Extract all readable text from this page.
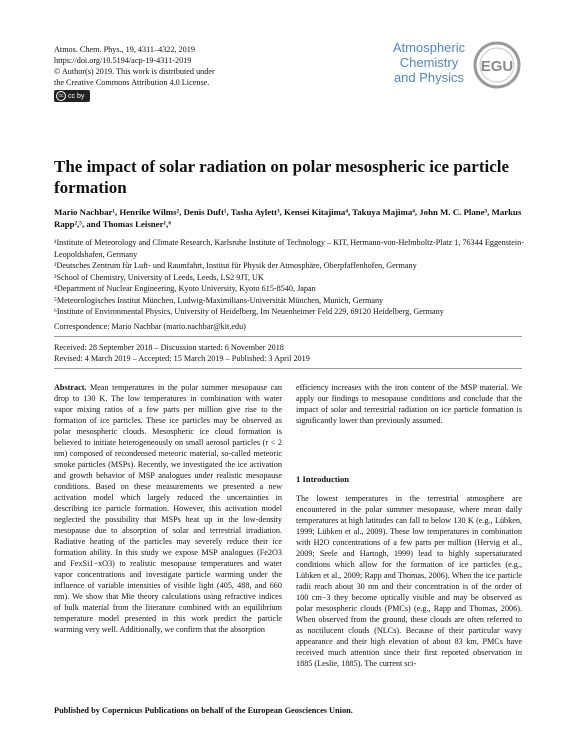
Atmos. Chem. Phys., 19, 4311–4322, 2019
https://doi.org/10.5194/acp-19-4311-2019
© Author(s) 2019. This work is distributed under
the Creative Commons Attribution 4.0 License.
cc cc by
Atmospheric
Chemistry
and Physics
EGU
The impact of solar radiation on polar mesospheric ice particle formation
Mario Nachbar¹, Henrike Wilms², Denis Duft¹, Tasha Aylett³, Kensei Kitajima⁴, Takuya Majima⁴, John M. C. Plane³, Markus Rapp²,⁵, and Thomas Leisner¹,⁶
¹Institute of Meteorology and Climate Research, Karlsruhe Institute of Technology – KIT, Hermann-von-Helmholtz-Platz 1, 76344 Eggenstein-Leopoldshafen, Germany
²Deutsches Zentrum für Luft- und Raumfahrt, Institut für Physik der Atmosphäre, Oberpfaffenhofen, Germany
³School of Chemistry, University of Leeds, Leeds, LS2 9JT, UK
⁴Department of Nuclear Engineering, Kyoto University, Kyoto 615-8540, Japan
⁵Meteorologisches Institut München, Ludwig-Maximilians-Universität München, Munich, Germany
⁶Institute of Environmental Physics, University of Heidelberg, Im Neuenheimer Feld 229, 69120 Heidelberg, Germany
Correspondence: Mario Nachbar (mario.nachbar@kit.edu)
Received: 28 September 2018 – Discussion started: 6 November 2018
Revised: 4 March 2019 – Accepted: 15 March 2019 – Published: 3 April 2019

Abstract. Mean temperatures in the polar summer mesopause can drop to 130 K. The low temperatures in combination with water vapor mixing ratios of a few parts per million give rise to the formation of ice particles. These ice particles may be observed as polar mesospheric clouds. Mesospheric ice cloud formation is believed to initiate heterogeneously on small aerosol particles (r < 2 nm) composed of recondensed meteoric material, so-called meteoric smoke particles (MSPs). Recently, we investigated the ice activation and growth behavior of MSP analogues under realistic mesopause conditions. Based on these measurements we presented a new activation model which largely reduced the uncertainties in describing ice particle formation. However, this activation model neglected the possibility that MSPs heat up in the low-density mesopause due to absorption of solar and terrestrial irradiation. Radiative heating of the particles may severely reduce their ice formation ability. In this study we expose MSP analogues (Fe2O3 and FexSi1−xO3) to realistic mesopause temperatures and water vapor concentrations and investigate particle warming under the influence of variable intensities of visible light (405, 488, and 660 nm). We show that Mie theory calculations using refractive indices of bulk material from the literature combined with an equilibrium temperature model presented in this work predict the particle warming very well. Additionally, we confirm that the absorption

efficiency increases with the iron content of the MSP material. We apply our findings to mesopause conditions and conclude that the impact of solar and terrestrial radiation on ice particle formation is significantly lower than previously assumed.
1 Introduction
The lowest temperatures in the terrestrial atmosphere are encountered in the polar summer mesopause, where mean daily temperatures at high latitudes can fall to below 130 K (e.g., Lübken, 1999; Lübken et al., 2009). These low temperatures in combination with H2O concentrations of a few parts per million (Hervig et al., 2009; Seele and Hartogh, 1999) lead to highly supersaturated conditions which allow for the formation of ice particles (e.g., Lübken et al., 2009; Rapp and Thomas, 2006). When the ice particle radii reach about 30 nm and their concentration is of the order of 100 cm−3 they become optically visible and may be observed as polar mesospheric clouds (PMCs) (e.g., Rapp and Thomas, 2006). When observed from the ground, these clouds are often referred to as noctilucent clouds (NLCs). Because of their particular wavy appearance and their high elevation of about 83 km, PMCs have received much attention since their first reported observation in 1885 (Leslie, 1885). The current sci-
Published by Copernicus Publications on behalf of the European Geosciences Union.
